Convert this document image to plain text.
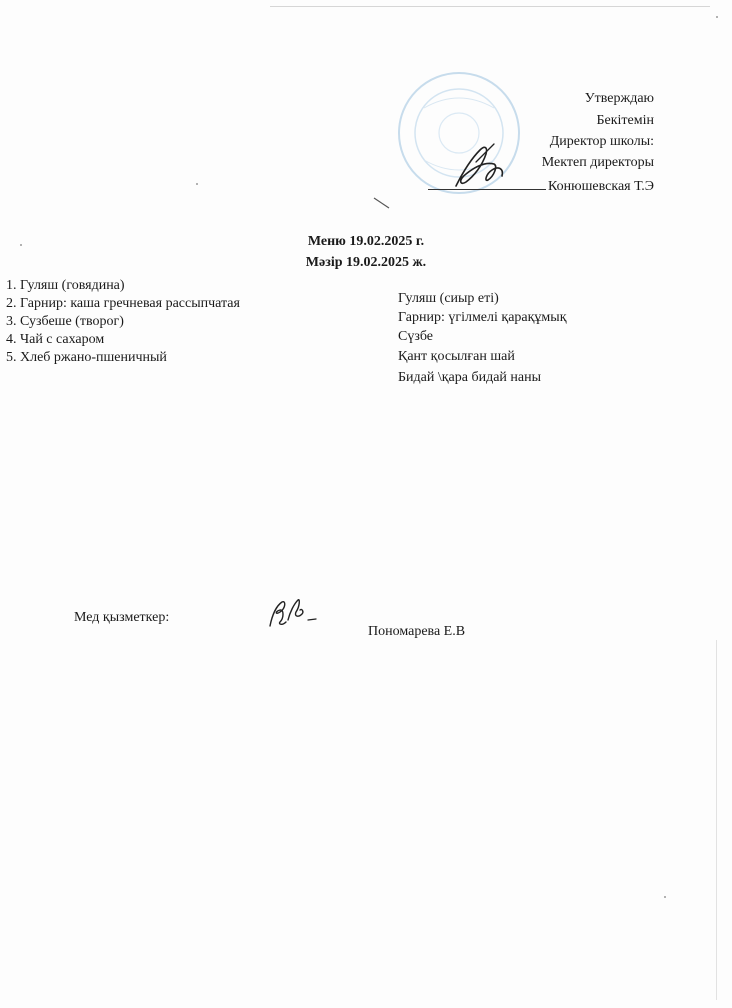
Утверждаю
Бекітемін
Директор школы:
Мектеп директоры
Конюшевская Т.Э
Меню 19.02.2025 г.
Мәзір 19.02.2025 ж.
1. Гуляш (говядина)
2. Гарнир: каша гречневая рассыпчатая
3. Сузбеше (творог)
4. Чай с сахаром
5. Хлеб ржано-пшеничный
Гуляш (сиыр еті)
Гарнир: үгілмелі қарақұмық
Сүзбе
Қант қосылған шай
Бидай \қара бидай наны
Мед қызметкер:
Пономарева Е.В
